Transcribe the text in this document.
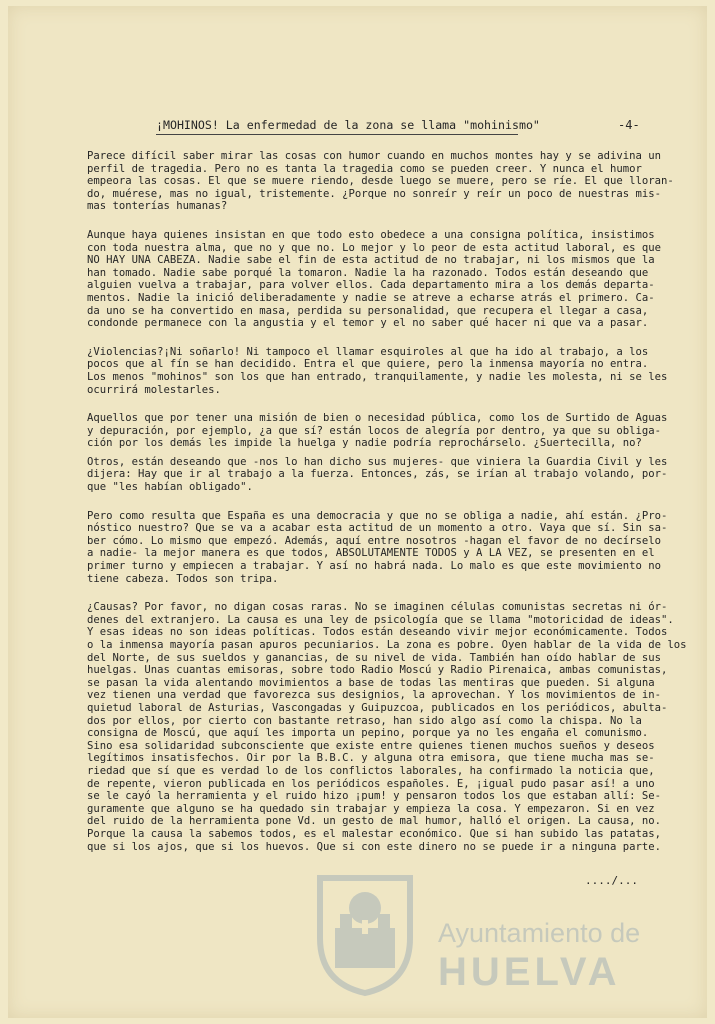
¡MOHINOS! La enfermedad de la zona se llama "mohinismo"	-4-
Parece difícil saber mirar las cosas con humor cuando en muchos montes hay y se adivina un
perfil de tragedia. Pero no es tanta la tragedia como se pueden creer. Y nunca el humor
empeora las cosas. El que se muere riendo, desde luego se muere, pero se ríe. El que lloran-
do, muérese, mas no igual, tristemente. ¿Porque no sonreír y reír un poco de nuestras mis-
mas tonterías humanas?
Aunque haya quienes insistan en que todo esto obedece a una consigna política, insistimos
con toda nuestra alma, que no y que no. Lo mejor y lo peor de esta actitud laboral, es que
NO HAY UNA CABEZA. Nadie sabe el fin de esta actitud de no trabajar, ni los mismos que la
han tomado. Nadie sabe porqué la tomaron. Nadie la ha razonado. Todos están deseando que
alguien vuelva a trabajar, para volver ellos. Cada departamento mira a los demás departa-
mentos. Nadie la inició deliberadamente y nadie se atreve a echarse atrás el primero. Ca-
da uno se ha convertido en masa, perdida su personalidad, que recupera el llegar a casa,
condonde permanece con la angustia y el temor y el no saber qué hacer ni que va a pasar.
¿Violencias?¡Ni soñarlo! Ni tampoco el llamar esquiroles al que ha ido al trabajo, a los
pocos que al fín se han decidido. Entra el que quiere, pero la inmensa mayoría no entra.
Los menos "mohinos" son los que han entrado, tranquilamente, y nadie les molesta, ni se les
ocurrirá molestarles.
Aquellos que por tener una misión de bien o necesidad pública, como los de Surtido de Aguas
y depuración, por ejemplo, ¿a que sí? están locos de alegría por dentro, ya que su obliga-
ción por los demás les impide la huelga y nadie podría reprochárselo. ¿Suertecilla, no?
Otros, están deseando que -nos lo han dicho sus mujeres- que viniera la Guardia Civil y les
dijera: Hay que ir al trabajo a la fuerza. Entonces, zás, se irían al trabajo volando, por-
que "les habían obligado".
Pero como resulta que España es una democracia y que no se obliga a nadie, ahí están. ¿Pro-
nóstico nuestro? Que se va a acabar esta actitud de un momento a otro. Vaya que sí. Sin sa-
ber cómo. Lo mismo que empezó. Además, aquí entre nosotros -hagan el favor de no decírselo
a nadie- la mejor manera es que todos, ABSOLUTAMENTE TODOS y A LA VEZ, se presenten en el
primer turno y empiecen a trabajar. Y así no habrá nada. Lo malo es que este movimiento no
tiene cabeza. Todos son tripa.
¿Causas? Por favor, no digan cosas raras. No se imaginen células comunistas secretas ni ór-
denes del extranjero. La causa es una ley de psicología que se llama "motoricidad de ideas".
Y esas ideas no son ideas políticas. Todos están deseando vivir mejor económicamente. Todos
o la inmensa mayoría pasan apuros pecuniarios. La zona es pobre. Oyen hablar de la vida de los
del Norte, de sus sueldos y ganancias, de su nivel de vida. También han oído hablar de sus
huelgas. Unas cuantas emisoras, sobre todo Radio Moscú y Radio Pirenaica, ambas comunistas,
se pasan la vida alentando movimientos a base de todas las mentiras que pueden. Si alguna
vez tienen una verdad que favorezca sus designios, la aprovechan. Y los movimientos de in-
quietud laboral de Asturias, Vascongadas y Guipuzcoa, publicados en los periódicos, abulta-
dos por ellos, por cierto con bastante retraso, han sido algo así como la chispa. No la
consigna de Moscú, que aquí les importa un pepino, porque ya no les engaña el comunismo.
Sino esa solidaridad subconsciente que existe entre quienes tienen muchos sueños y deseos
legítimos insatisfechos. Oir por la B.B.C. y alguna otra emisora, que tiene mucha mas se-
riedad que sí que es verdad lo de los conflictos laborales, ha confirmado la noticia que,
de repente, vieron publicada en los periódicos españoles. E, ¡igual pudo pasar así! a uno
se le cayó la herramienta y el ruido hizo ¡pum! y pensaron todos los que estaban allí: Se-
guramente que alguno se ha quedado sin trabajar y empieza la cosa. Y empezaron. Si en vez
del ruido de la herramienta pone Vd. un gesto de mal humor, halló el origen. La causa, no.
Porque la causa la sabemos todos, es el malestar económico. Que si han subido las patatas,
que si los ajos, que si los huevos. Que si con este dinero no se puede ir a ninguna parte.
..../...
Ayuntamiento de
HUELVA
